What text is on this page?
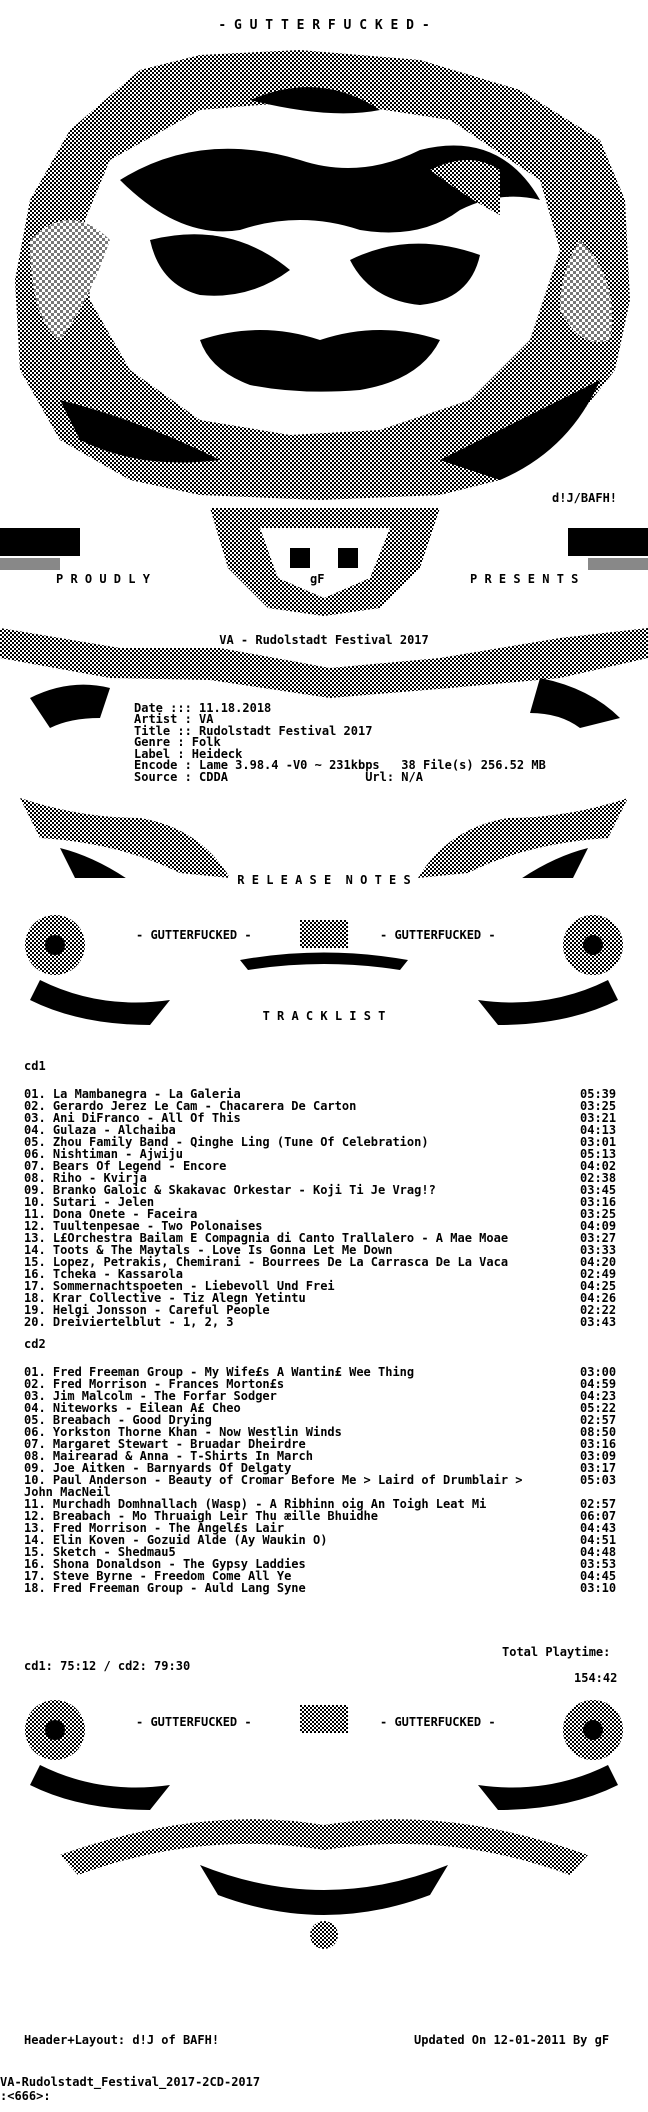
- G U T T E R F U C K E D -
d!J/BAFH!
P R O U D L Y	gF	P R E S E N T S
VA - Rudolstadt Festival 2017

Date ::: 11.18.2018
Artist : VA
Title :: Rudolstadt Festival 2017
Genre : Folk
Label : Heideck
Encode : Lame 3.98.4 -V0 ~ 231kbps   38 File(s) 256.52 MB
Source : CDDA                   Url: N/A

R E L E A S E  N O T E S
- GUTTERFUCKED -	- GUTTERFUCKED -
T R A C K L I S T
cd1
01. La Mambanegra - La Galeria	05:39
02. Gerardo Jerez Le Cam - Chacarera De Carton	03:25
03. Ani DiFranco - All Of This	03:21
04. Gulaza - Alchaiba	04:13
05. Zhou Family Band - Qinghe Ling (Tune Of Celebration)	03:01
06. Nishtiman - Ajwiju	05:13
07. Bears Of Legend - Encore	04:02
08. Riho - Kvirja	02:38
09. Branko Galoic & Skakavac Orkestar - Koji Ti Je Vrag!?	03:45
10. Sutari - Jelen	03:16
11. Dona Onete - Faceira	03:25
12. Tuultenpesae - Two Polonaises	04:09
13. L£Orchestra Bailam E Compagnia di Canto Trallalero - A Mae Moae	03:27
14. Toots & The Maytals - Love Is Gonna Let Me Down	03:33
15. Lopez, Petrakis, Chemirani - Bourrees De La Carrasca De La Vaca	04:20
16. Tcheka - Kassarola	02:49
17. Sommernachtspoeten - Liebevoll Und Frei	04:25
18. Krar Collective - Tiz Alegn Yetintu	04:26
19. Helgi Jonsson - Careful People	02:22
20. Dreiviertelblut - 1, 2, 3	03:43
cd2
01. Fred Freeman Group - My Wife£s A Wantin£ Wee Thing	03:00
02. Fred Morrison - Frances Morton£s	04:59
03. Jim Malcolm - The Forfar Sodger	04:23
04. Niteworks - Eilean A£ Cheo	05:22
05. Breabach - Good Drying	02:57
06. Yorkston Thorne Khan - Now Westlin Winds	08:50
07. Margaret Stewart - Bruadar Dheirdre	03:16
08. Mairearad & Anna - T-Shirts In March	03:09
09. Joe Aitken - Barnyards Of Delgaty	03:17
10. Paul Anderson - Beauty of Cromar Before Me > Laird of Drumblair >	05:03
John MacNeil
11. Murchadh Domhnallach (Wasp) - A Ribhinn oig An Toigh Leat Mi	02:57
12. Breabach - Mo Thruaigh Leir Thu æille Bhuidhe	06:07
13. Fred Morrison - The Angel£s Lair	04:43
14. Elin Koven - Gozuid Alde (Ay Waukin O)	04:51
15. Sketch - Shedmau5	04:48
16. Shona Donaldson - The Gypsy Laddies	03:53
17. Steve Byrne - Freedom Come All Ye	04:45
18. Fred Freeman Group - Auld Lang Syne	03:10
Total Playtime:
cd1: 75:12 / cd2: 79:30
154:42
- GUTTERFUCKED -	- GUTTERFUCKED -
Header+Layout: d!J of BAFH!	Updated On 12-01-2011 By gF
VA-Rudolstadt_Festival_2017-2CD-2017
:<666>:
